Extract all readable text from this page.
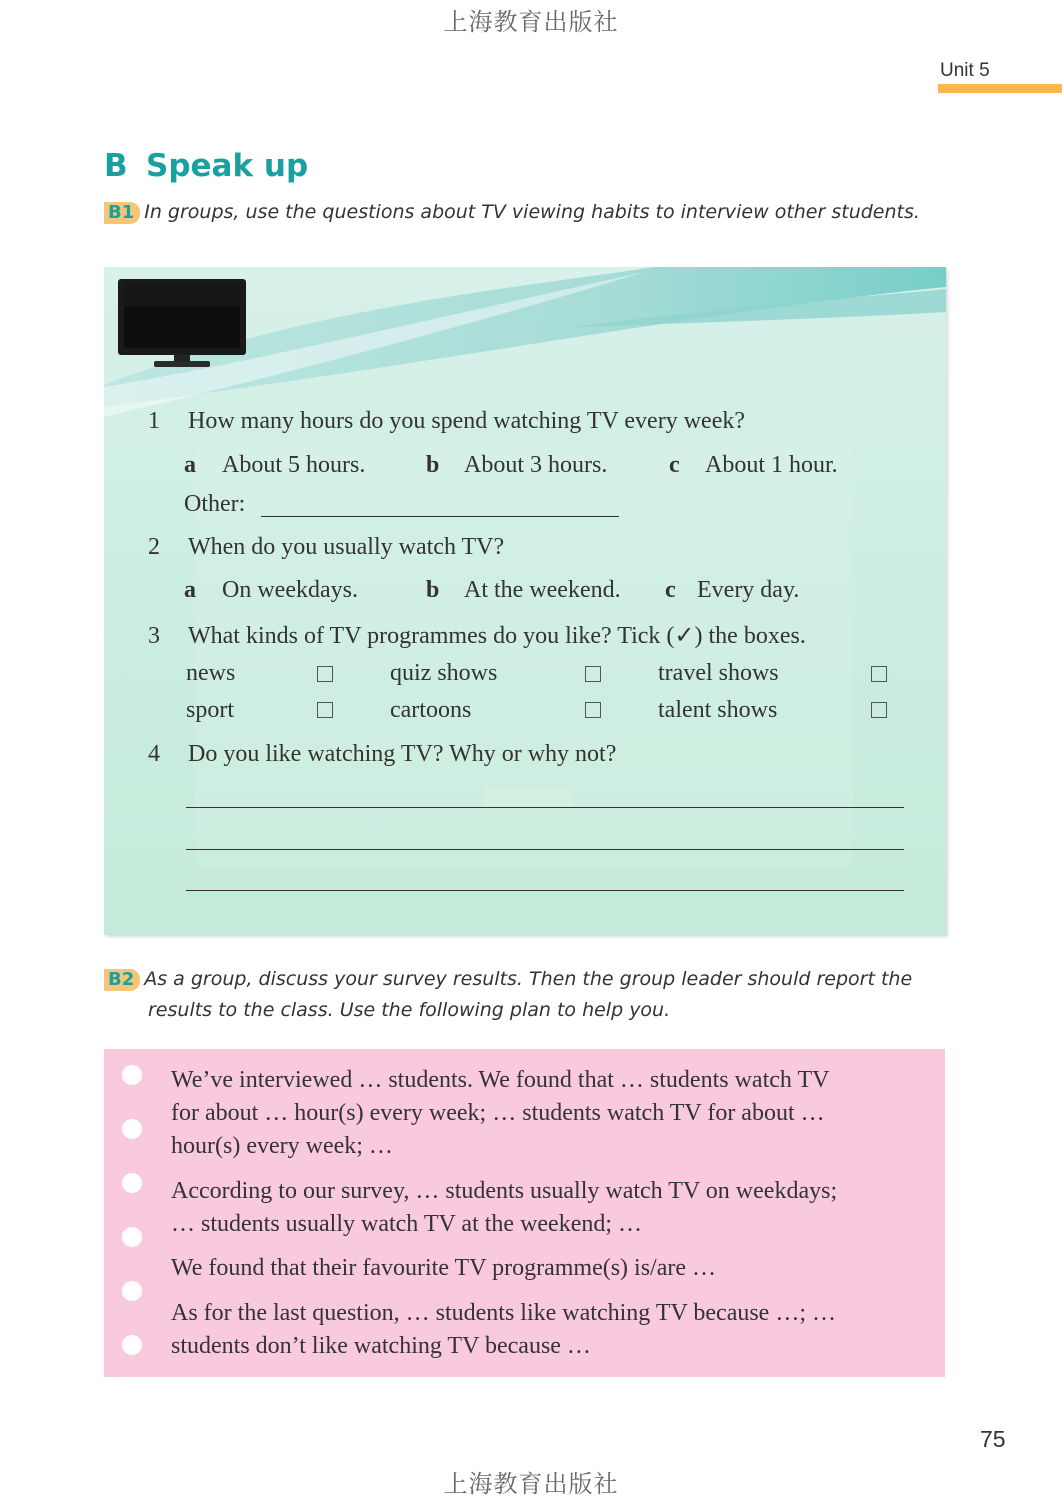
上海教育出版社
Unit 5
B Speak up
B1 In groups, use the questions about TV viewing habits to interview other students.
1 How many hours do you spend watching TV every week?
a About 5 hours.	b About 3 hours.	c About 1 hour.
Other:
2 When do you usually watch TV?
a On weekdays.	b At the weekend. c Every day.
3 What kinds of TV programmes do you like? Tick (✓) the boxes.
news	quiz shows	travel shows
sport	cartoons	talent shows
4 Do you like watching TV? Why or why not?
B2 As a group, discuss your survey results. Then the group leader should report the
results to the class. Use the following plan to help you.
We’ve interviewed … students. We found that … students watch TV
for about … hour(s) every week; … students watch TV for about …
hour(s) every week; …
According to our survey, … students usually watch TV on weekdays;
… students usually watch TV at the weekend; …
We found that their favourite TV programme(s) is/are …
As for the last question, … students like watching TV because …; …
students don’t like watching TV because …
75
上海教育出版社
